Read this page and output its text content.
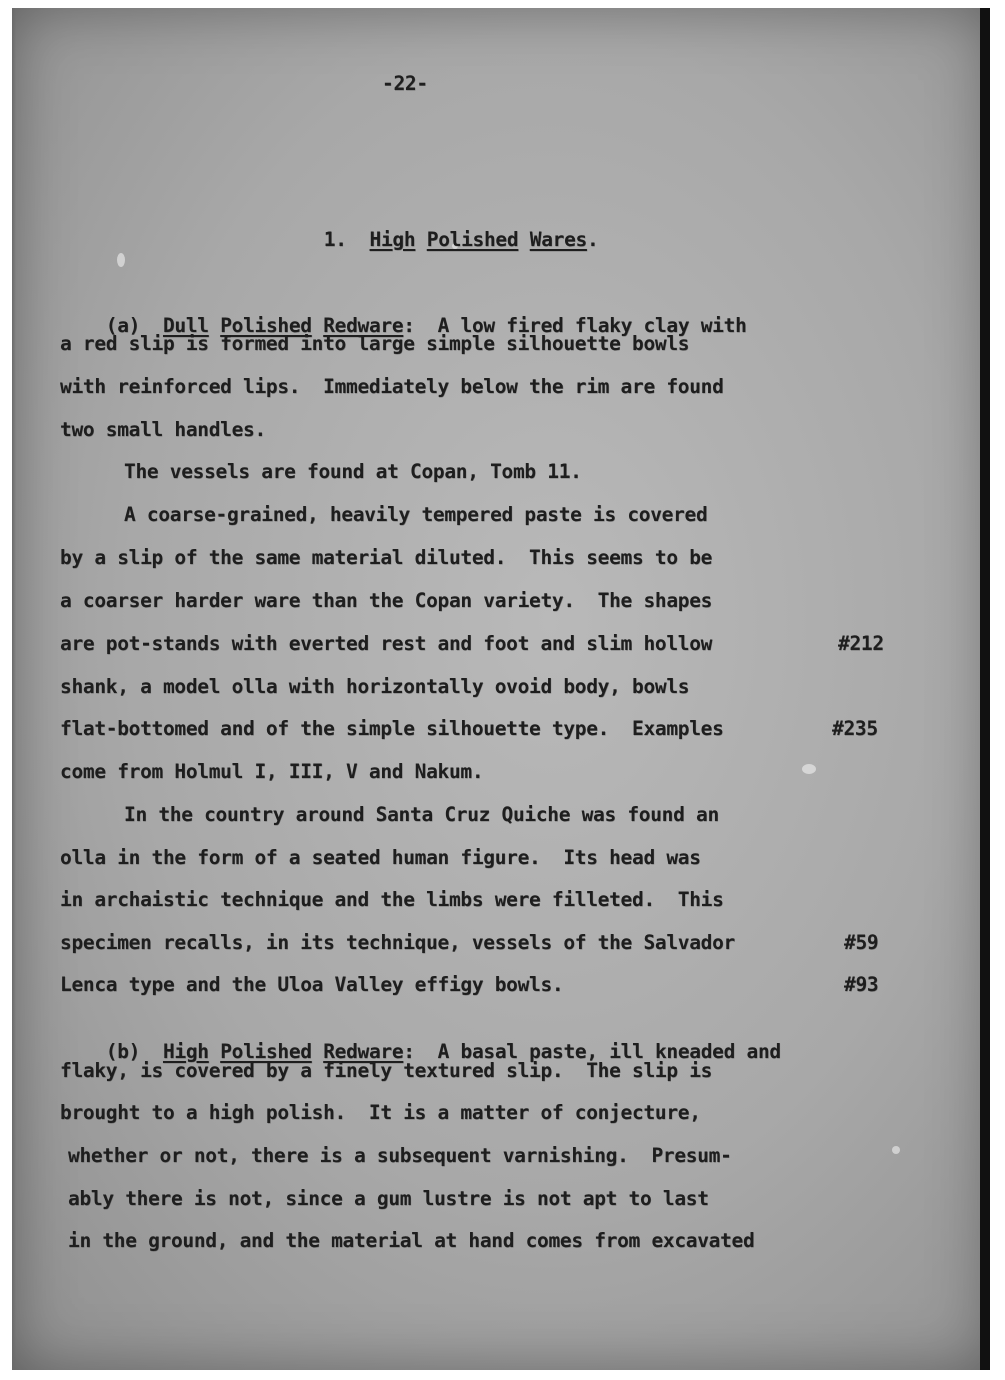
-22-

1. High Polished Wares.

(a) Dull Polished Redware: A low fired flaky clay with

a red slip is formed into large simple silhouette bowls
with reinforced lips.  Immediately below the rim are found
two small handles.
The vessels are found at Copan, Tomb 11.
A coarse-grained, heavily tempered paste is covered
by a slip of the same material diluted.  This seems to be
a coarser harder ware than the Copan variety.  The shapes
are pot-stands with everted rest and foot and slim hollow	#212
shank, a model olla with horizontally ovoid body, bowls
flat-bottomed and of the simple silhouette type.  Examples	#235
come from Holmul I, III, V and Nakum.
In the country around Santa Cruz Quiche was found an
olla in the form of a seated human figure.  Its head was
in archaistic technique and the limbs were filleted.  This
specimen recalls, in its technique, vessels of the Salvador	#59
Lenca type and the Uloa Valley effigy bowls.	#93

(b) High Polished Redware: A basal paste, ill kneaded and

flaky, is covered by a finely textured slip.  The slip is
brought to a high polish.  It is a matter of conjecture,
whether or not, there is a subsequent varnishing.  Presum-
ably there is not, since a gum lustre is not apt to last
in the ground, and the material at hand comes from excavated
